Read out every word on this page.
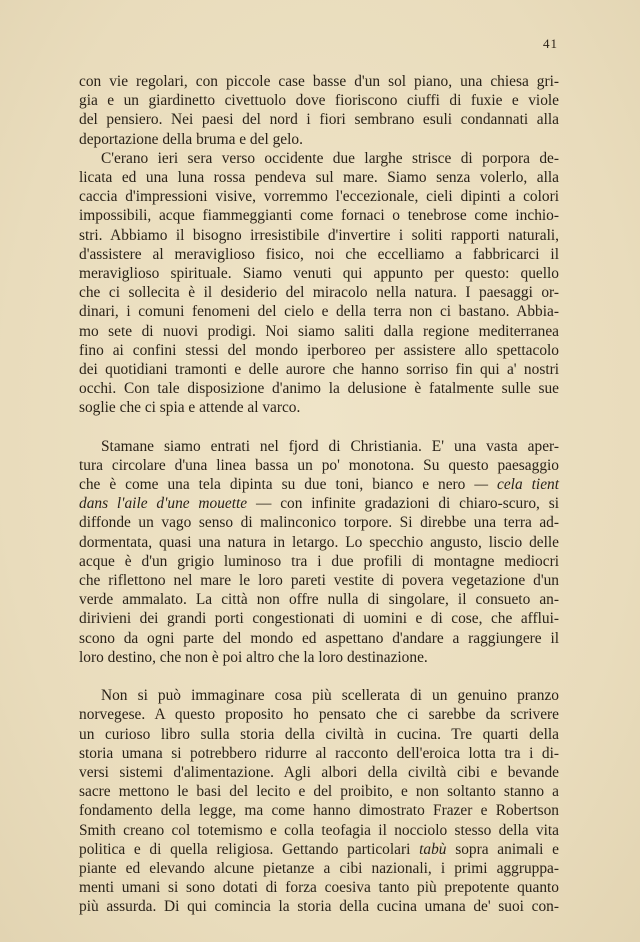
41
con vie regolari, con piccole case basse d'un sol piano, una chiesa gri-
gia e un giardinetto civettuolo dove fioriscono ciuffi di fuxie e viole
del pensiero. Nei paesi del nord i fiori sembrano esuli condannati alla
deportazione della bruma e del gelo.
C'erano ieri sera verso occidente due larghe strisce di porpora de-
licata ed una luna rossa pendeva sul mare. Siamo senza volerlo, alla
caccia d'impressioni visive, vorremmo l'eccezionale, cieli dipinti a colori
impossibili, acque fiammeggianti come fornaci o tenebrose come inchio-
stri. Abbiamo il bisogno irresistibile d'invertire i soliti rapporti naturali,
d'assistere al meraviglioso fisico, noi che eccelliamo a fabbricarci il
meraviglioso spirituale. Siamo venuti qui appunto per questo: quello
che ci sollecita è il desiderio del miracolo nella natura. I paesaggi or-
dinari, i comuni fenomeni del cielo e della terra non ci bastano. Abbia-
mo sete di nuovi prodigi. Noi siamo saliti dalla regione mediterranea
fino ai confini stessi del mondo iperboreo per assistere allo spettacolo
dei quotidiani tramonti e delle aurore che hanno sorriso fin qui a' nostri
occhi. Con tale disposizione d'animo la delusione è fatalmente sulle sue
soglie che ci spia e attende al varco.
Stamane siamo entrati nel fjord di Christiania. E' una vasta aper-
tura circolare d'una linea bassa un po' monotona. Su questo paesaggio
che è come una tela dipinta su due toni, bianco e nero — cela tient
dans l'aile d'une mouette — con infinite gradazioni di chiaro-scuro, si
diffonde un vago senso di malinconico torpore. Si direbbe una terra ad-
dormentata, quasi una natura in letargo. Lo specchio angusto, liscio delle
acque è d'un grigio luminoso tra i due profili di montagne mediocri
che riflettono nel mare le loro pareti vestite di povera vegetazione d'un
verde ammalato. La città non offre nulla di singolare, il consueto an-
dirivieni dei grandi porti congestionati di uomini e di cose, che afflui-
scono da ogni parte del mondo ed aspettano d'andare a raggiungere il
loro destino, che non è poi altro che la loro destinazione.
Non si può immaginare cosa più scellerata di un genuino pranzo
norvegese. A questo proposito ho pensato che ci sarebbe da scrivere
un curioso libro sulla storia della civiltà in cucina. Tre quarti della
storia umana si potrebbero ridurre al racconto dell'eroica lotta tra i di-
versi sistemi d'alimentazione. Agli albori della civiltà cibi e bevande
sacre mettono le basi del lecito e del proibito, e non soltanto stanno a
fondamento della legge, ma come hanno dimostrato Frazer e Robertson
Smith creano col totemismo e colla teofagia il nocciolo stesso della vita
politica e di quella religiosa. Gettando particolari tabù sopra animali e
piante ed elevando alcune pietanze a cibi nazionali, i primi aggruppa-
menti umani si sono dotati di forza coesiva tanto più prepotente quanto
più assurda. Di qui comincia la storia della cucina umana de' suoi con-
